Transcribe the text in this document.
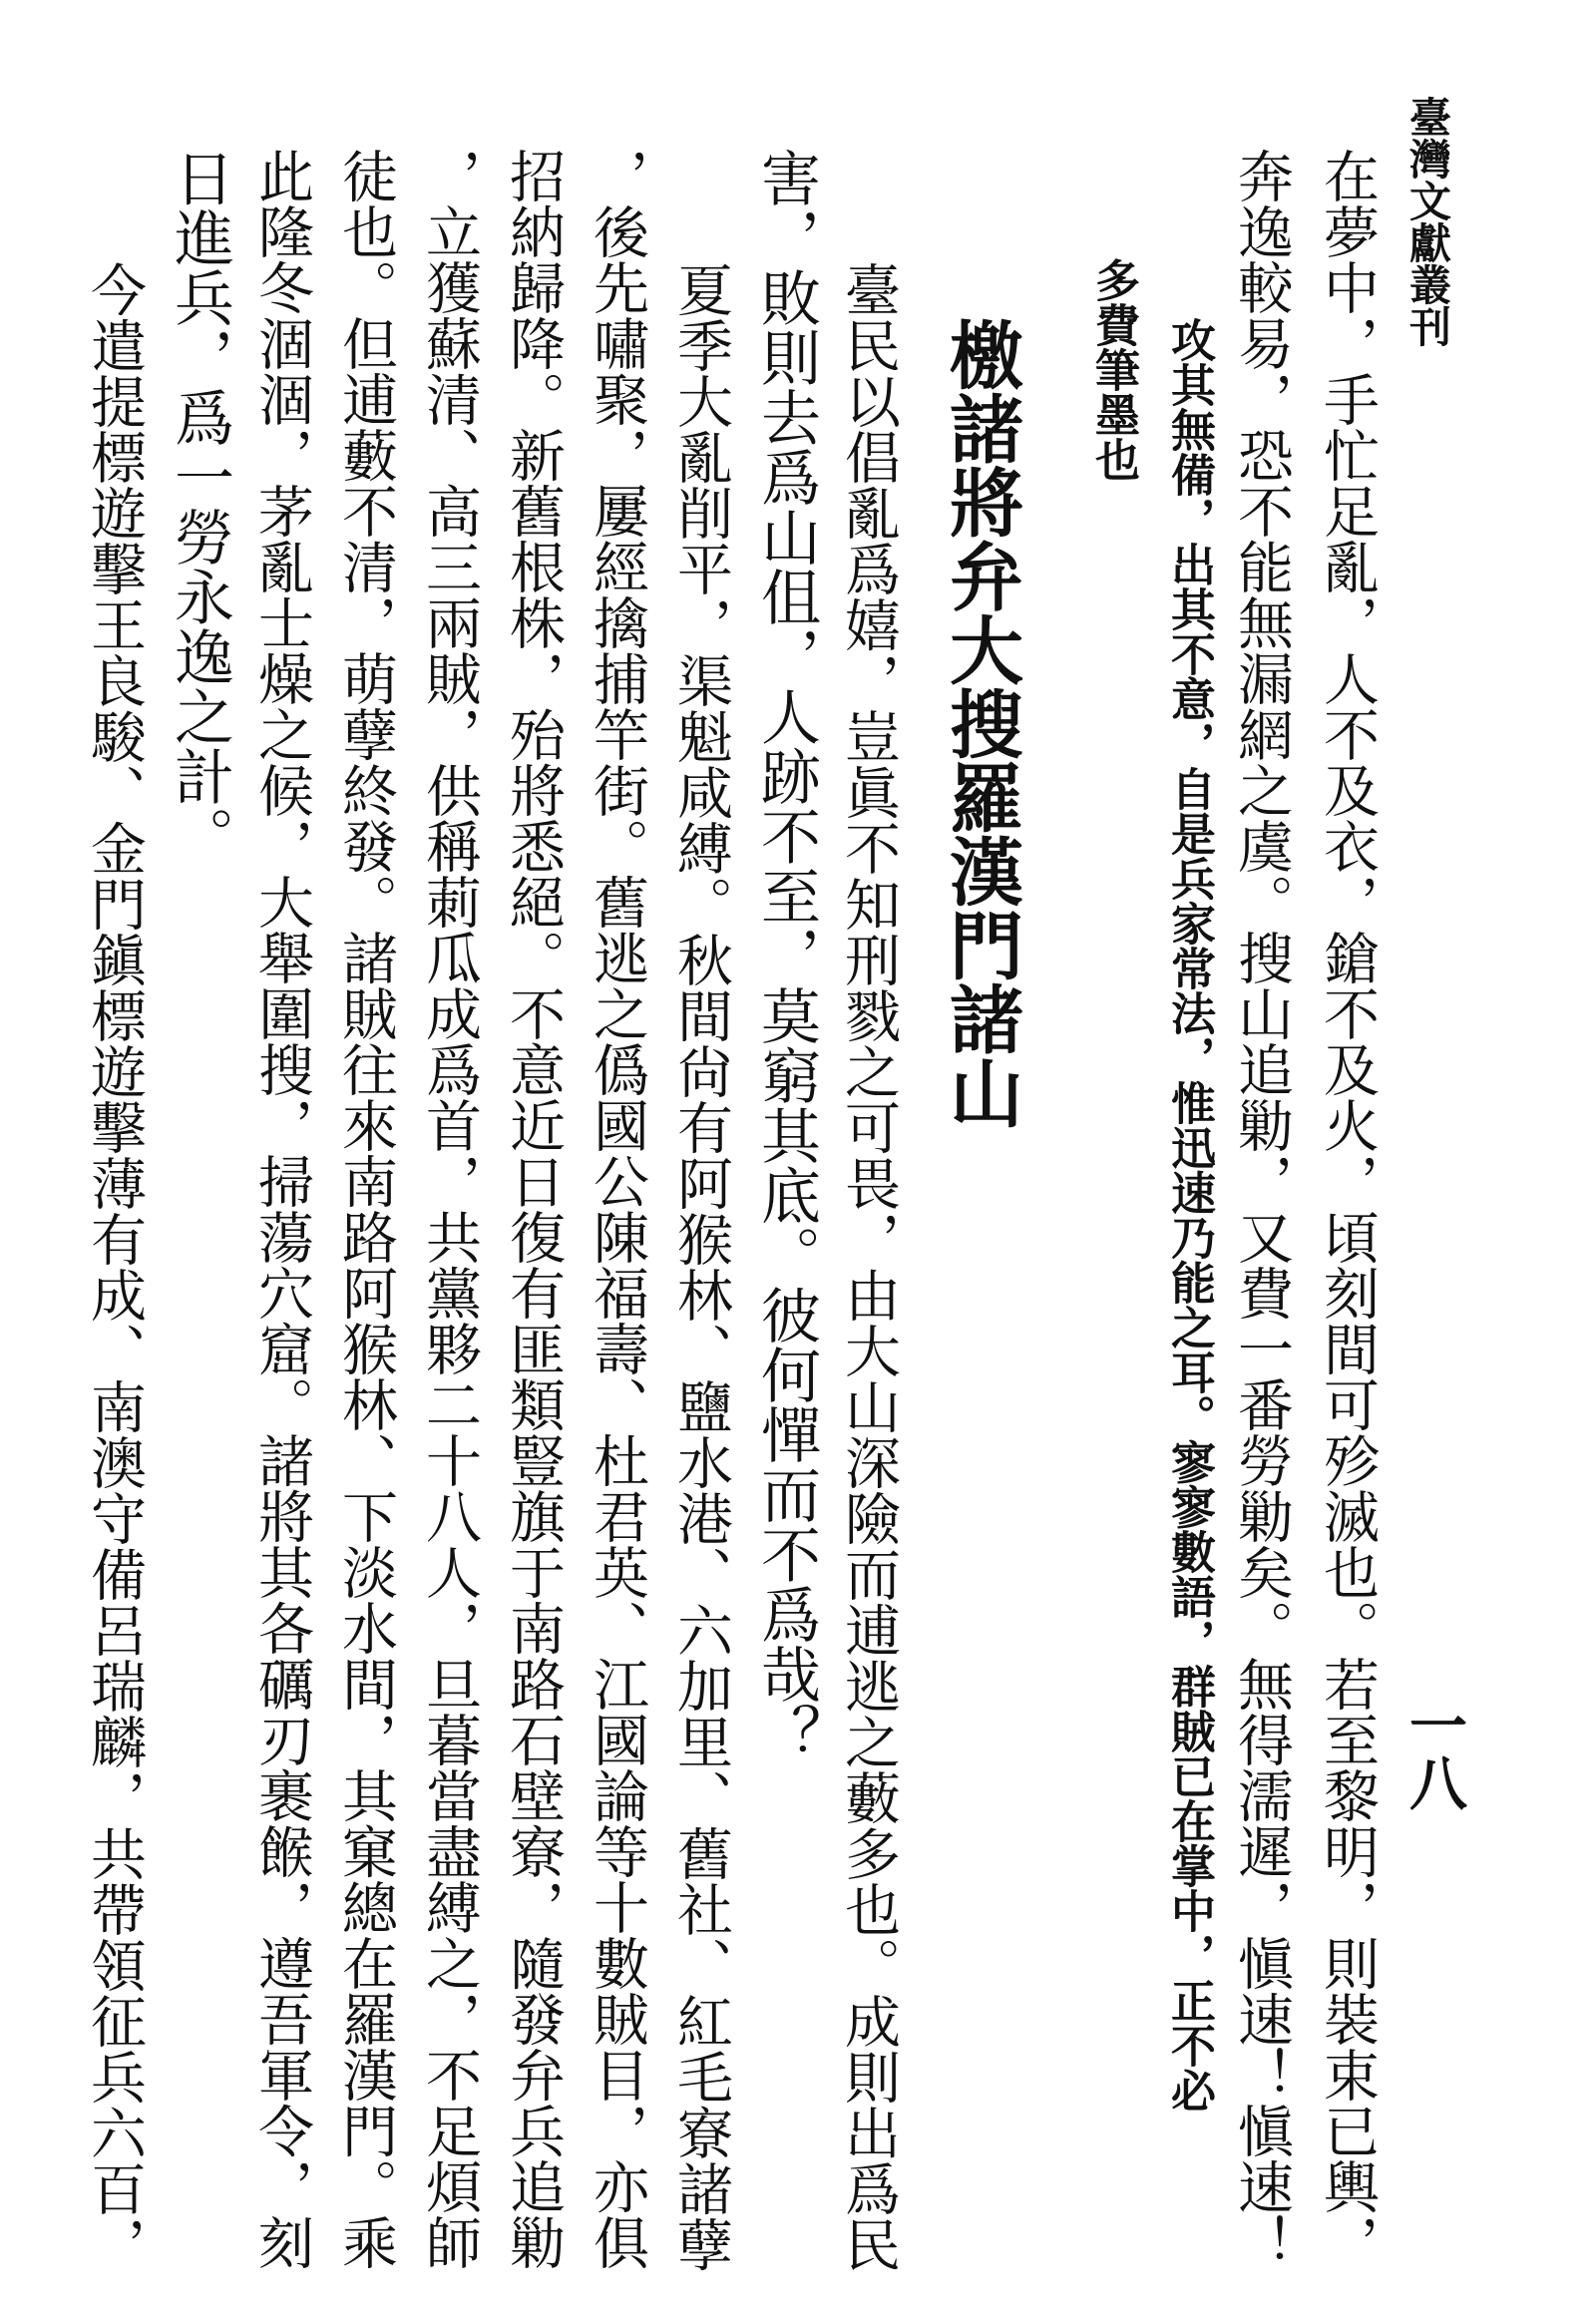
臺灣文獻叢刊
一八
在夢中，手忙足亂，人不及衣，鎗不及火，頃刻間可殄滅也。若至黎明，則裝束已輿，
奔逸較易，恐不能無漏網之虞。搜山追勦，又費一番勞勦矣。無得濡遲，愼速！愼速！
攻其無備，出其不意，自是兵家常法，惟迅速乃能之耳。寥寥數語，群賊已在掌中，正不必
多費筆墨也
檄諸將弁大搜羅漢門諸山
臺民以倡亂爲嬉，豈眞不知刑戮之可畏，由大山深險而逋逃之藪多也。成則出爲民
害，敗則去爲山伹，人跡不至，莫窮其底。彼何憚而不爲哉？
夏季大亂削平，渠魁咸縛。秋間尙有阿猴林、鹽水港、六加里、舊社、紅毛寮諸孽
，後先嘯聚，屢經擒捕竿街。舊逃之僞國公陳福壽、杜君英、江國論等十數賊目，亦俱
招納歸降。新舊根株，殆將悉絕。不意近日復有匪類豎旗于南路石壁寮，隨發弁兵追勦
，立獲蘇清、高三兩賊，供稱莿瓜成爲首，共黨夥二十八人，旦暮當盡縛之，不足煩師
徒也。但逋藪不清，萌孽終發。諸賊往來南路阿猴林、下淡水間，其窠總在羅漢門。乘
此隆冬涸涸，茅亂士燥之候，大舉圍搜，掃蕩穴窟。諸將其各礪刃裹餱，遵吾軍令，刻
日進兵，爲一勞永逸之計。
今遣提標遊擊王良駿、金門鎭標遊擊薄有成、南澳守備呂瑞麟，共帶領征兵六百，
